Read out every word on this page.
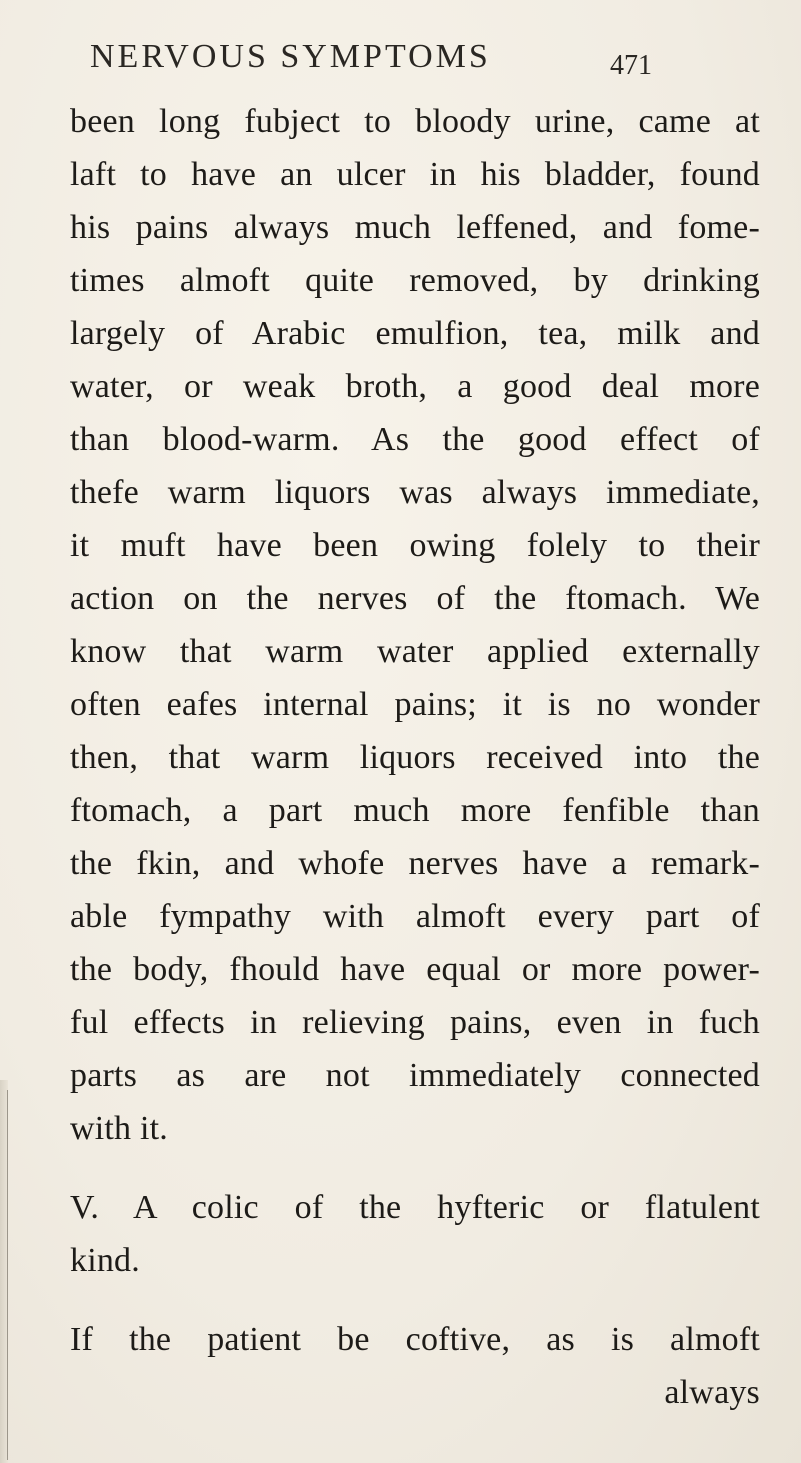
NERVOUS SYMPTOMS	471
been long fubject to bloody urine, came at
laft to have an ulcer in his bladder, found
his pains always much leffened, and fome-
times almoft quite removed, by drinking
largely of Arabic emulfion, tea, milk and
water, or weak broth, a good deal more
than blood-warm. As the good effect of
thefe warm liquors was always immediate,
it muft have been owing folely to their
action on the nerves of the ftomach. We
know that warm water applied externally
often eafes internal pains; it is no wonder
then, that warm liquors received into the
ftomach, a part much more fenfible than
the fkin, and whofe nerves have a remark-
able fympathy with almoft every part of
the body, fhould have equal or more power-
ful effects in relieving pains, even in fuch
parts as are not immediately connected
with it.
V. A colic of the hyfteric or flatulent
kind.
If the patient be coftive, as is almoft
always
